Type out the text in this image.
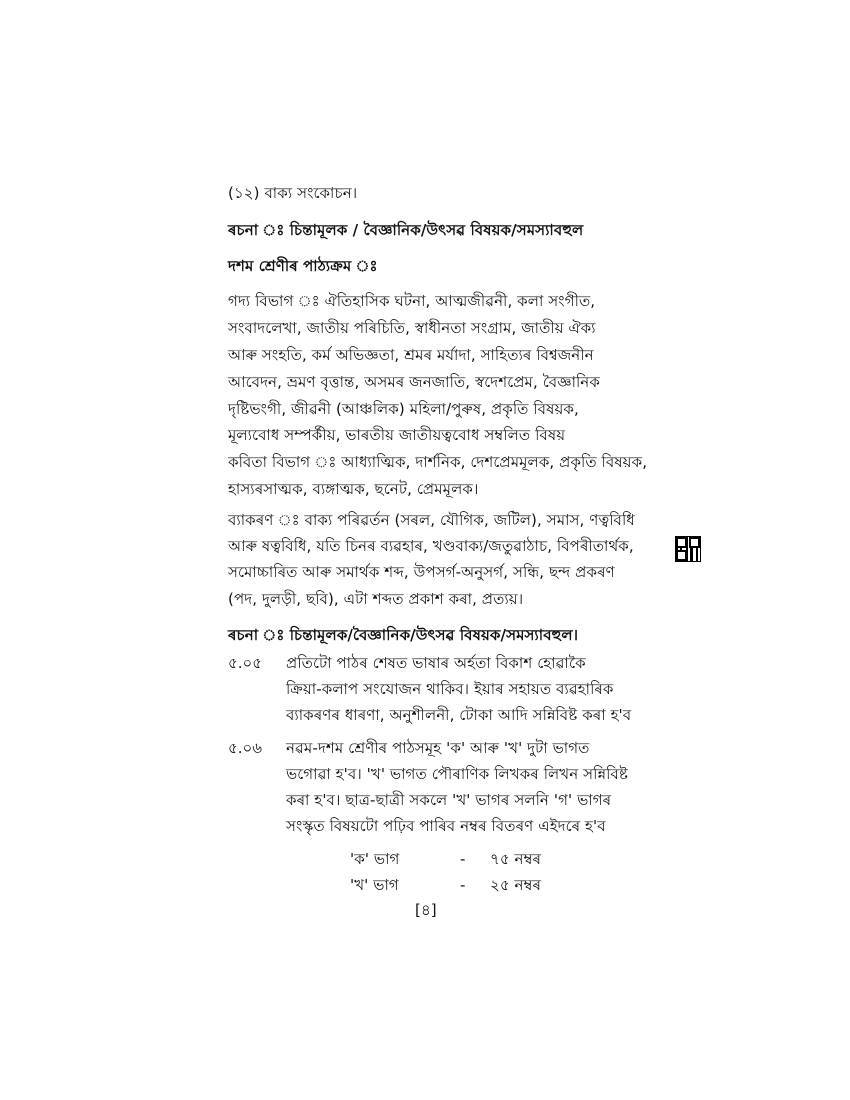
(১২) বাক্য সংকোচন।
ৰচনা ঃ চিন্তামূলক / বৈজ্ঞানিক/উৎসৱ বিষয়ক/সমস্যাবহুল
দশম শ্ৰেণীৰ পাঠ্যক্ৰম ঃ
গদ্য বিভাগ ঃ ঐতিহাসিক ঘটনা, আত্মজীৱনী, কলা সংগীত,
সংবাদলেখা, জাতীয় পৰিচিতি, স্বাধীনতা সংগ্ৰাম, জাতীয় ঐক্য
আৰু সংহতি, কৰ্ম অভিজ্ঞতা, শ্ৰমৰ মৰ্যাদা, সাহিত্যৰ বিশ্বজনীন
আবেদন, ভ্ৰমণ বৃত্তান্ত, অসমৰ জনজাতি, স্বদেশপ্ৰেম, বৈজ্ঞানিক
দৃষ্টিভংগী, জীৱনী (আঞ্চলিক) মহিলা/পুৰুষ, প্ৰকৃতি বিষয়ক,
মূল্যবোধ সম্পৰ্কীয়, ভাৰতীয় জাতীয়ত্ববোধ সম্বলিত বিষয়
কবিতা বিভাগ ঃ আধ্যাত্মিক, দাৰ্শনিক, দেশপ্ৰেমমূলক, প্ৰকৃতি বিষয়ক,
হাস্যৰসাত্মক, ব্যঙ্গাত্মক, ছনেট, প্ৰেমমূলক।
ব্যাকৰণ ঃ বাক্য পৰিৱৰ্তন (সৰল, যৌগিক, জটিল), সমাস, ণত্ববিধি
আৰু ষত্ববিধি, যতি চিনৰ ব্যৱহাৰ, খণ্ডবাক্য/জতুৱাঠাচ, বিপৰীতাৰ্থক,
সমোচ্চাৰিত আৰু সমাৰ্থক শব্দ, উপসৰ্গ-অনুসৰ্গ, সন্ধি, ছন্দ প্ৰকৰণ
(পদ, দুলড়ী, ছবি), এটা শব্দত প্ৰকাশ কৰা, প্ৰত্যয়।
ৰচনা ঃ চিন্তামূলক/বৈজ্ঞানিক/উৎসৱ বিষয়ক/সমস্যাবহুল।
৫.০৫ প্ৰতিটো পাঠৰ শেষত ভাষাৰ অৰ্হতা বিকাশ হোৱাকৈ
ক্ৰিয়া-কলাপ সংযোজন থাকিব। ইয়াৰ সহায়ত ব্যৱহাৰিক
ব্যাকৰণৰ ধাৰণা, অনুশীলনী, টোকা আদি সন্নিবিষ্ট কৰা হ'ব
৫.০৬ নৱম-দশম শ্ৰেণীৰ পাঠসমূহ 'ক' আৰু 'খ' দুটা ভাগত
ভগোৱা হ'ব। 'খ' ভাগত পৌৰাণিক লিখকৰ লিখন সন্নিবিষ্ট
কৰা হ'ব। ছাত্ৰ-ছাত্ৰী সকলে 'খ' ভাগৰ সলনি 'গ' ভাগৰ
সংস্কৃত বিষয়টো পঢ়িব পাৰিব নম্বৰ বিতৰণ এইদৰে হ'ব
'ক' ভাগ	- ৭৫ নম্বৰ
'খ' ভাগ	- ২৫ নম্বৰ
[৪]
